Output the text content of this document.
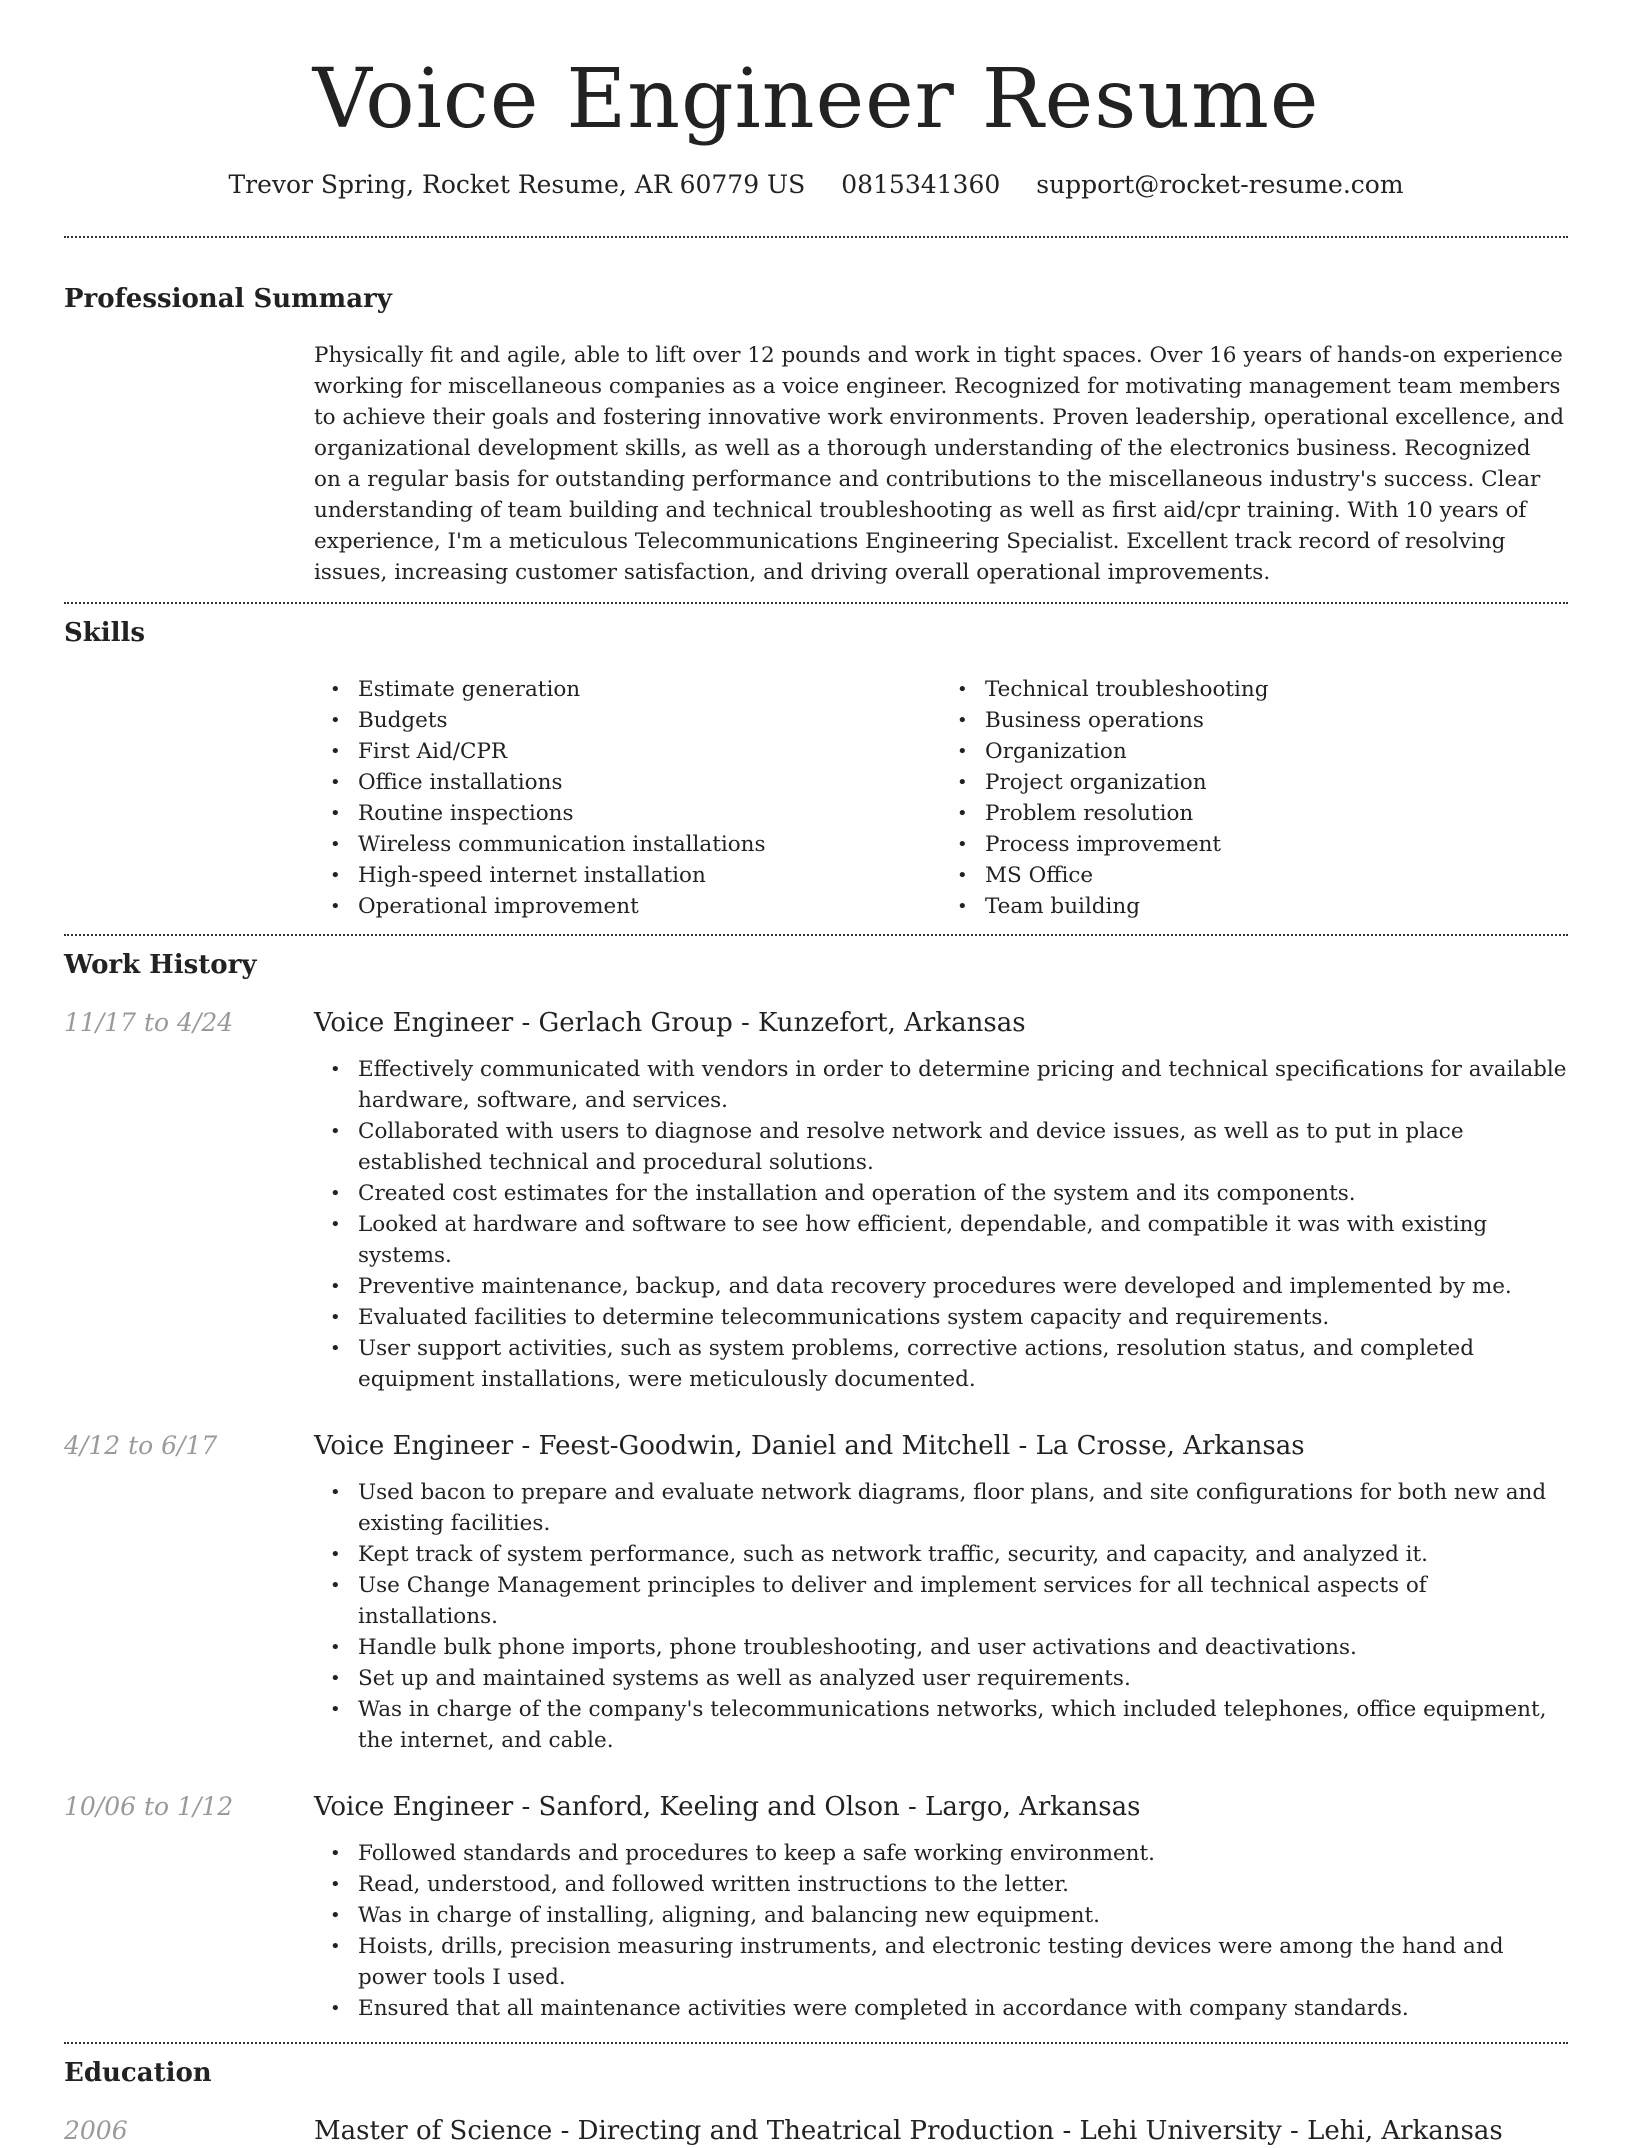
Voice Engineer Resume
Trevor Spring, Rocket Resume, AR 60779 US 0815341360 support@rocket-resume.com
Professional Summary

Physically fit and agile, able to lift over 12 pounds and work in tight spaces. Over 16 years of hands-on experience working for miscellaneous companies as a voice engineer. Recognized for motivating management team members to achieve their goals and fostering innovative work environments. Proven leadership, operational excellence, and organizational development skills, as well as a thorough understanding of the electronics business. Recognized on a regular basis for outstanding performance and contributions to the miscellaneous industry's success. Clear understanding of team building and technical troubleshooting as well as first aid/cpr training. With 10 years of experience, I'm a meticulous Telecommunications Engineering Specialist. Excellent track record of resolving issues, increasing customer satisfaction, and driving overall operational improvements.

Skills
• Estimate generation
• Budgets
• First Aid/CPR
• Office installations
• Routine inspections
• Wireless communication installations
• High-speed internet installation
• Operational improvement
• Technical troubleshooting
• Business operations
• Organization
• Project organization
• Problem resolution
• Process improvement
• MS Office
• Team building
Work History
11/17 to 4/24	Voice Engineer - Gerlach Group - Kunzefort, Arkansas
• Effectively communicated with vendors in order to determine pricing and technical specifications for available hardware, software, and services.
• Collaborated with users to diagnose and resolve network and device issues, as well as to put in place established technical and procedural solutions.
• Created cost estimates for the installation and operation of the system and its components.
• Looked at hardware and software to see how efficient, dependable, and compatible it was with existing systems.
• Preventive maintenance, backup, and data recovery procedures were developed and implemented by me.
• Evaluated facilities to determine telecommunications system capacity and requirements.
• User support activities, such as system problems, corrective actions, resolution status, and completed equipment installations, were meticulously documented.
4/12 to 6/17	Voice Engineer - Feest-Goodwin, Daniel and Mitchell - La Crosse, Arkansas
• Used bacon to prepare and evaluate network diagrams, floor plans, and site configurations for both new and existing facilities.
• Kept track of system performance, such as network traffic, security, and capacity, and analyzed it.
• Use Change Management principles to deliver and implement services for all technical aspects of installations.
• Handle bulk phone imports, phone troubleshooting, and user activations and deactivations.
• Set up and maintained systems as well as analyzed user requirements.
• Was in charge of the company's telecommunications networks, which included telephones, office equipment, the internet, and cable.
10/06 to 1/12	Voice Engineer - Sanford, Keeling and Olson - Largo, Arkansas
• Followed standards and procedures to keep a safe working environment.
• Read, understood, and followed written instructions to the letter.
• Was in charge of installing, aligning, and balancing new equipment.
• Hoists, drills, precision measuring instruments, and electronic testing devices were among the hand and power tools I used.
• Ensured that all maintenance activities were completed in accordance with company standards.
Education
2006	Master of Science - Directing and Theatrical Production - Lehi University - Lehi, Arkansas
